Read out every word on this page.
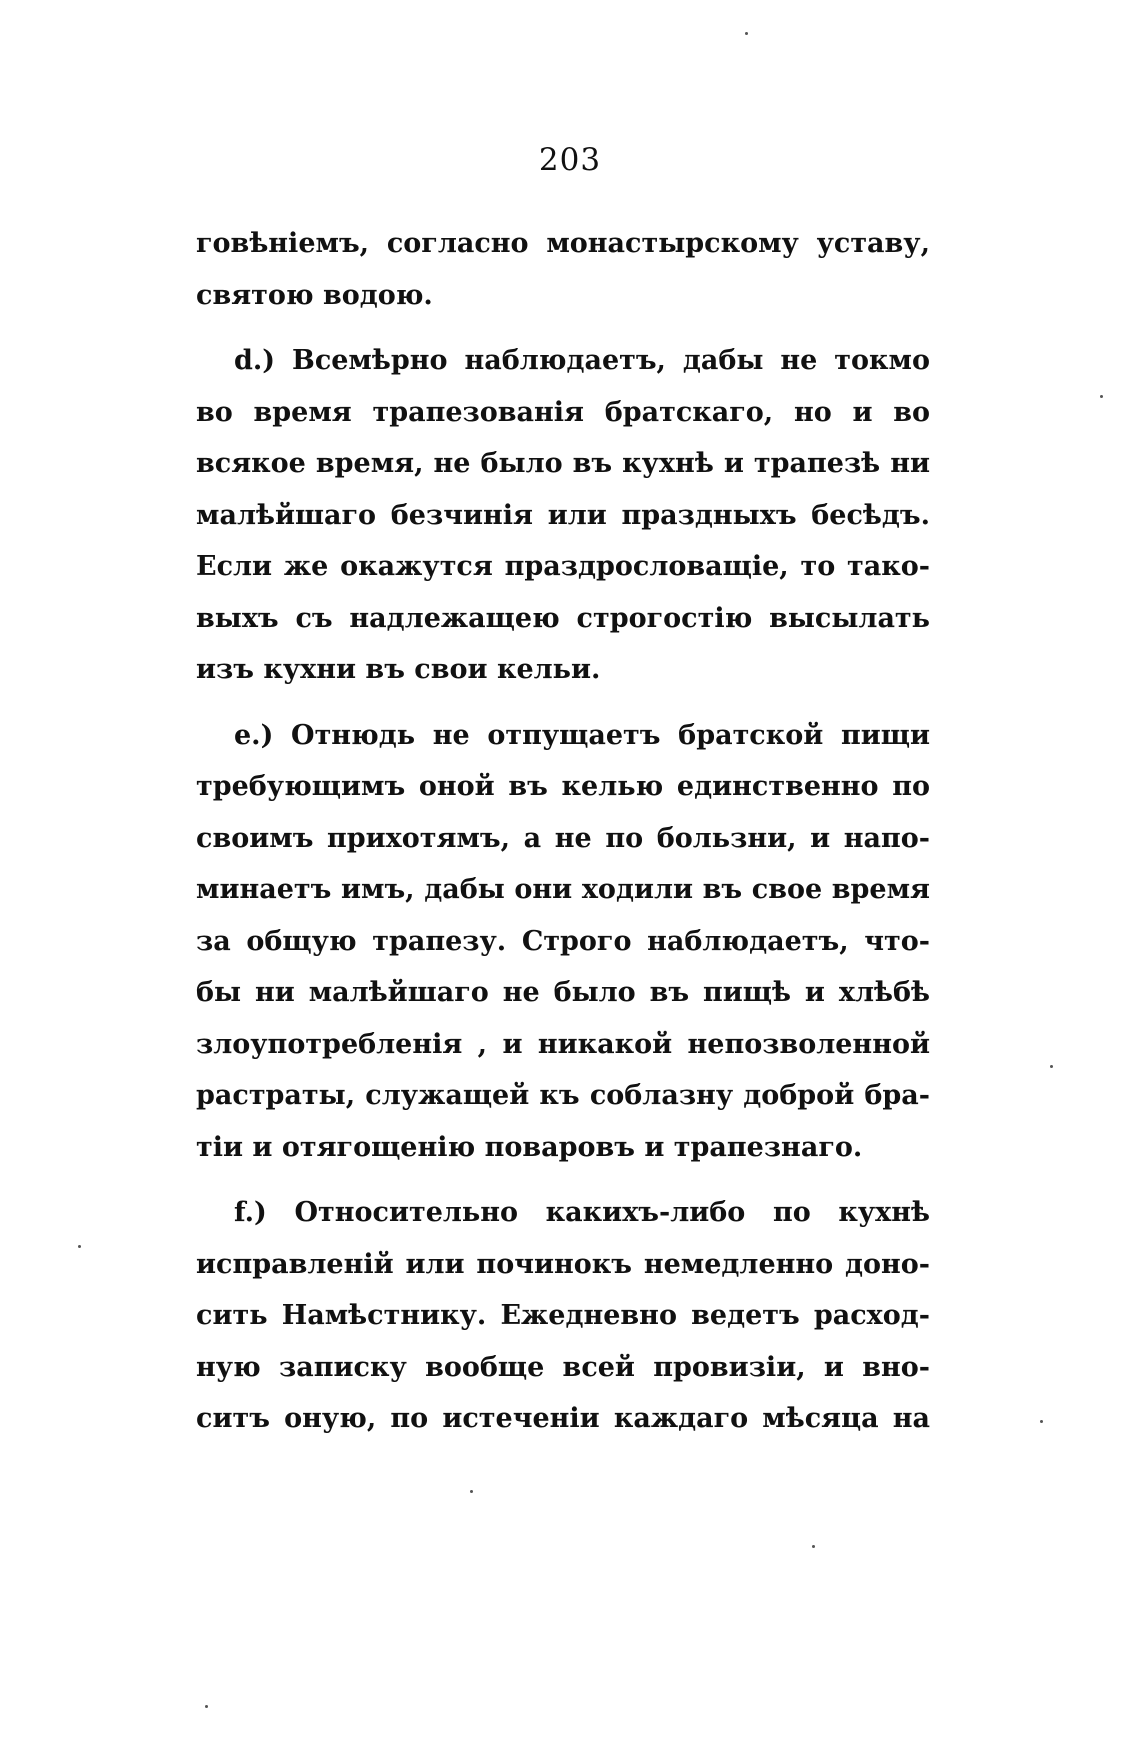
203
говѣніемъ, согласно монастырскому уставу,
святою водою.
d.) Всемѣрно наблюдаетъ, дабы не токмо
во время трапезованія братскаго, но и во
всякое время, не было въ кухнѣ и трапезѣ ни
малѣйшаго безчинія или праздныхъ бесѣдъ.
Если же окажутся праздрословащіе, то тако-
выхъ съ надлежащею строгостію высылать
изъ кухни въ свои кельи.
e.) Отнюдь не отпущаетъ братской пищи
требующимъ оной въ келью единственно по
своимъ прихотямъ, а не по бользни, и напо-
минаетъ имъ, дабы они ходили въ свое время
за общую трапезу. Строго наблюдаетъ, что-
бы ни малѣйшаго не было въ пищѣ и хлѣбѣ
злоупотребленія , и никакой непозволенной
растраты, служащей къ соблазну доброй бра-
тіи и отягощенію поваровъ и трапезнаго.
f.) Относительно какихъ-либо по кухнѣ
исправленій или починокъ немедленно доно-
сить Намѣстнику. Ежедневно ведетъ расход-
ную записку вообще всей провизіи, и вно-
ситъ оную, по истеченіи каждаго мѣсяца на
